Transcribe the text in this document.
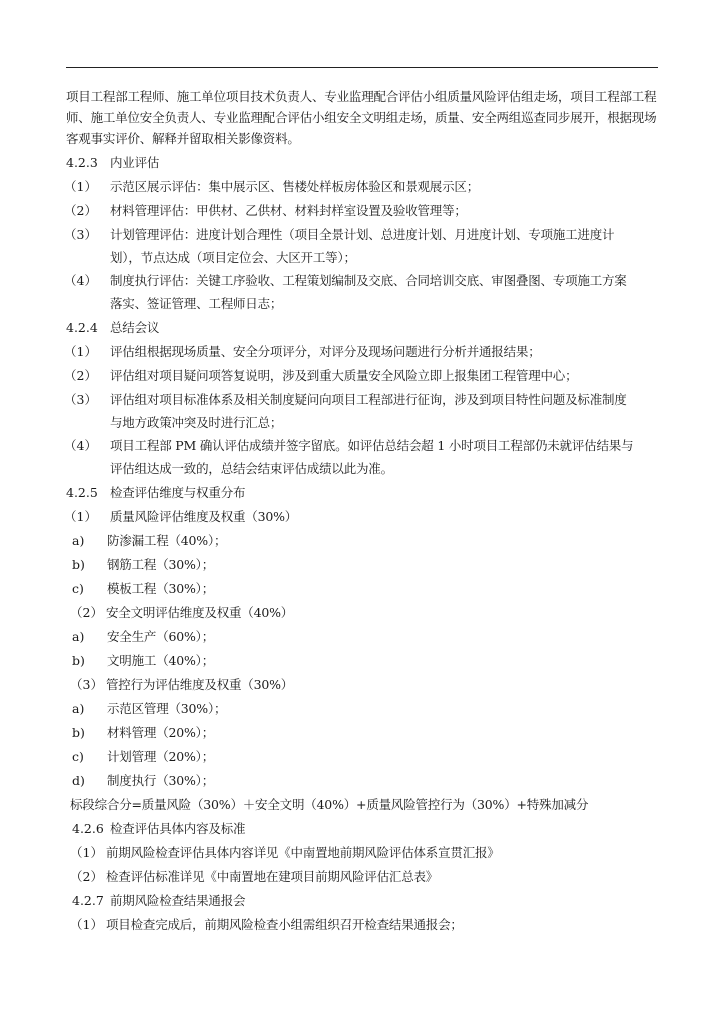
项目工程部工程师、施工单位项目技术负责人、专业监理配合评估小组质量风险评估组走场，项目工程部工程师、施工单位安全负责人、专业监理配合评估小组安全文明组走场，质量、安全两组巡查同步展开，根据现场客观事实评价、解释并留取相关影像资料。
4.2.3 内业评估
（1） 示范区展示评估：集中展示区、售楼处样板房体验区和景观展示区；
（2） 材料管理评估：甲供材、乙供材、材料封样室设置及验收管理等；
（3） 计划管理评估：进度计划合理性（项目全景计划、总进度计划、月进度计划、专项施工进度计
划），节点达成（项目定位会、大区开工等）；
（4） 制度执行评估：关键工序验收、工程策划编制及交底、合同培训交底、审图叠图、专项施工方案
落实、签证管理、工程师日志；
4.2.4 总结会议
（1） 评估组根据现场质量、安全分项评分，对评分及现场问题进行分析并通报结果；
（2） 评估组对项目疑问项答复说明，涉及到重大质量安全风险立即上报集团工程管理中心；
（3） 评估组对项目标准体系及相关制度疑问向项目工程部进行征询，涉及到项目特性问题及标准制度
与地方政策冲突及时进行汇总；
（4） 项目工程部 PM 确认评估成绩并签字留底。如评估总结会超 1 小时项目工程部仍未就评估结果与
评估组达成一致的，总结会结束评估成绩以此为准。
4.2.5 检查评估维度与权重分布
（1） 质量风险评估维度及权重（30%）
a) 防渗漏工程（40%）；
b) 钢筋工程（30%）；
c) 模板工程（30%）；
（2） 安全文明评估维度及权重（40%）
a) 安全生产（60%）；
b) 文明施工（40%）；
（3） 管控行为评估维度及权重（30%）
a) 示范区管理（30%）；
b) 材料管理（20%）；
c) 计划管理（20%）；
d) 制度执行（30%）；
标段综合分=质量风险（30%）＋安全文明（40%）+质量风险管控行为（30%）+特殊加减分
4.2.6 检查评估具体内容及标准
（1） 前期风险检查评估具体内容详见《中南置地前期风险评估体系宣贯汇报》
（2） 检查评估标准详见《中南置地在建项目前期风险评估汇总表》
4.2.7 前期风险检查结果通报会
（1） 项目检查完成后，前期风险检查小组需组织召开检查结果通报会；
